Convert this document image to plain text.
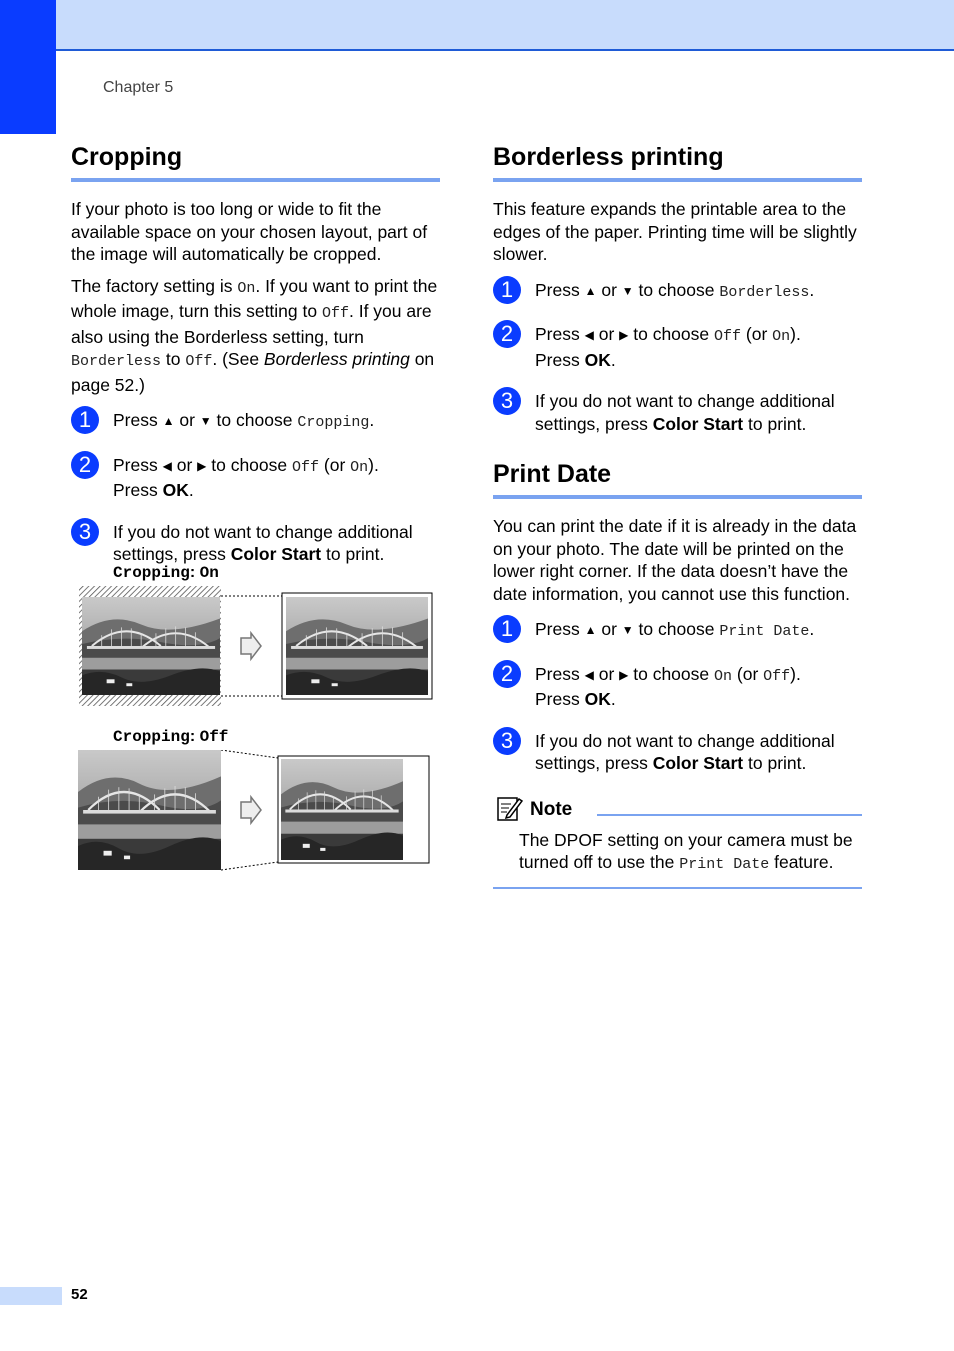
Chapter 5
Cropping

If your photo is too long or wide to fit the available space on your chosen layout, part of the image will automatically be cropped.

The factory setting is On. If you want to print the whole image, turn this setting to Off. If you are also using the Borderless setting, turn Borderless to Off. (See Borderless printing on page 52.)

1	Press ▲ or ▼ to choose Cropping.
2	Press ◀ or ▶ to choose Off (or On).
Press OK.
3	If you do not want to change additional settings, press Color Start to print.
Cropping: On
Cropping: Off
Borderless printing

This feature expands the printable area to the edges of the paper. Printing time will be slightly slower.

1	Press ▲ or ▼ to choose Borderless.
2	Press ◀ or ▶ to choose Off (or On).
Press OK.
3	If you do not want to change additional settings, press Color Start to print.
Print Date

You can print the date if it is already in the data on your photo. The date will be printed on the lower right corner. If the data doesn’t have the date information, you cannot use this function.

1	Press ▲ or ▼ to choose Print Date.
2	Press ◀ or ▶ to choose On (or Off).
Press OK.
3	If you do not want to change additional settings, press Color Start to print.
Note

The DPOF setting on your camera must be turned off to use the Print Date feature.

52
